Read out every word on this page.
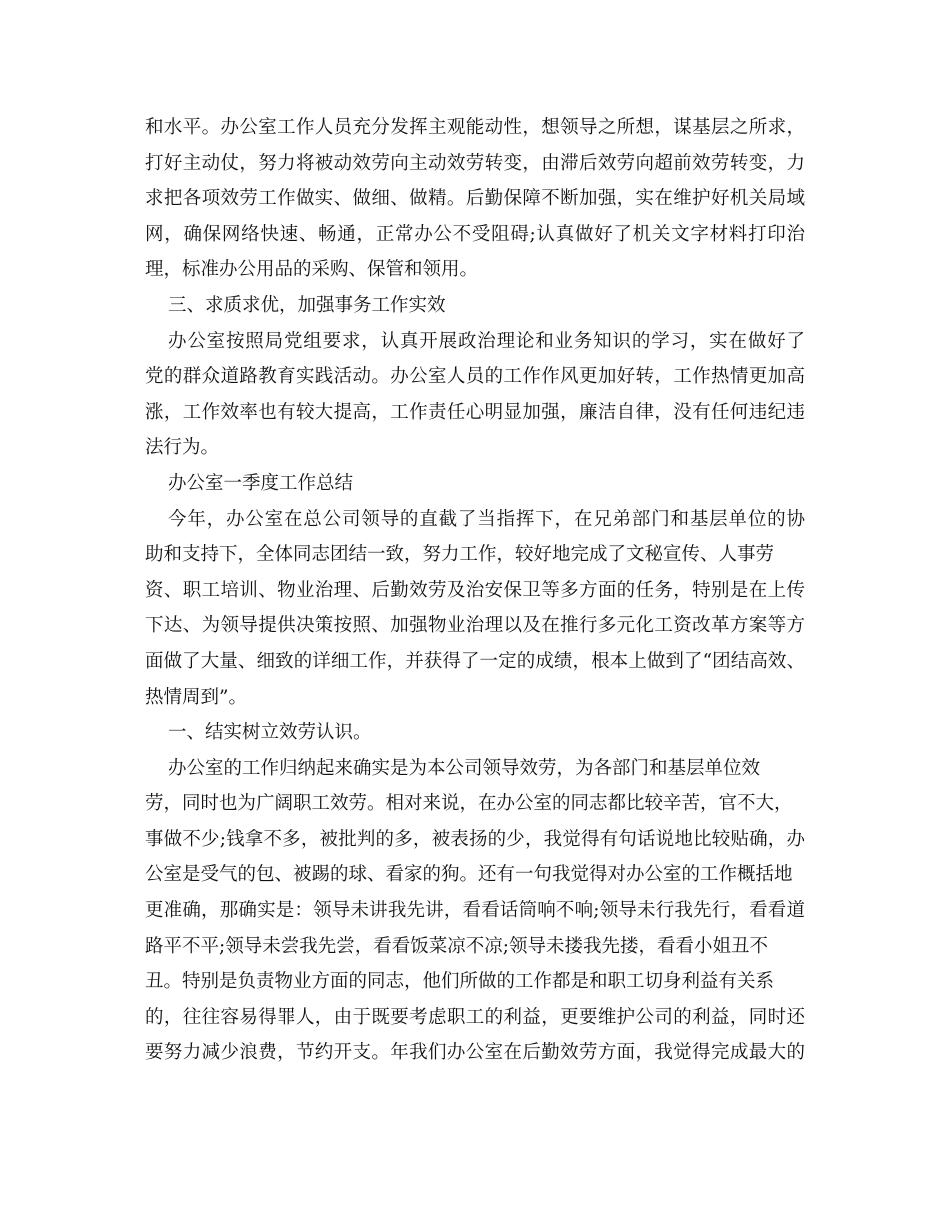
和水平。办公室工作人员充分发挥主观能动性，想领导之所想，谋基层之所求，
打好主动仗，努力将被动效劳向主动效劳转变，由滞后效劳向超前效劳转变，力
求把各项效劳工作做实、做细、做精。后勤保障不断加强，实在维护好机关局域
网，确保网络快速、畅通，正常办公不受阻碍;认真做好了机关文字材料打印治
理，标准办公用品的采购、保管和领用。
三、求质求优，加强事务工作实效
办公室按照局党组要求，认真开展政治理论和业务知识的学习，实在做好了
党的群众道路教育实践活动。办公室人员的工作作风更加好转，工作热情更加高
涨，工作效率也有较大提高，工作责任心明显加强，廉洁自律，没有任何违纪违
法行为。
办公室一季度工作总结
今年，办公室在总公司领导的直截了当指挥下，在兄弟部门和基层单位的协
助和支持下，全体同志团结一致，努力工作，较好地完成了文秘宣传、人事劳
资、职工培训、物业治理、后勤效劳及治安保卫等多方面的任务，特别是在上传
下达、为领导提供决策按照、加强物业治理以及在推行多元化工资改革方案等方
面做了大量、细致的详细工作，并获得了一定的成绩，根本上做到了“团结高效、
热情周到”。
一、结实树立效劳认识。
办公室的工作归纳起来确实是为本公司领导效劳，为各部门和基层单位效
劳，同时也为广阔职工效劳。相对来说，在办公室的同志都比较辛苦，官不大，
事做不少;钱拿不多，被批判的多，被表扬的少，我觉得有句话说地比较贴确，办
公室是受气的包、被踢的球、看家的狗。还有一句我觉得对办公室的工作概括地
更准确，那确实是：领导未讲我先讲，看看话筒响不响;领导未行我先行，看看道
路平不平;领导未尝我先尝，看看饭菜凉不凉;领导未搂我先搂，看看小姐丑不
丑。特别是负责物业方面的同志，他们所做的工作都是和职工切身利益有关系
的，往往容易得罪人，由于既要考虑职工的利益，更要维护公司的利益，同时还
要努力减少浪费，节约开支。年我们办公室在后勤效劳方面，我觉得完成最大的
